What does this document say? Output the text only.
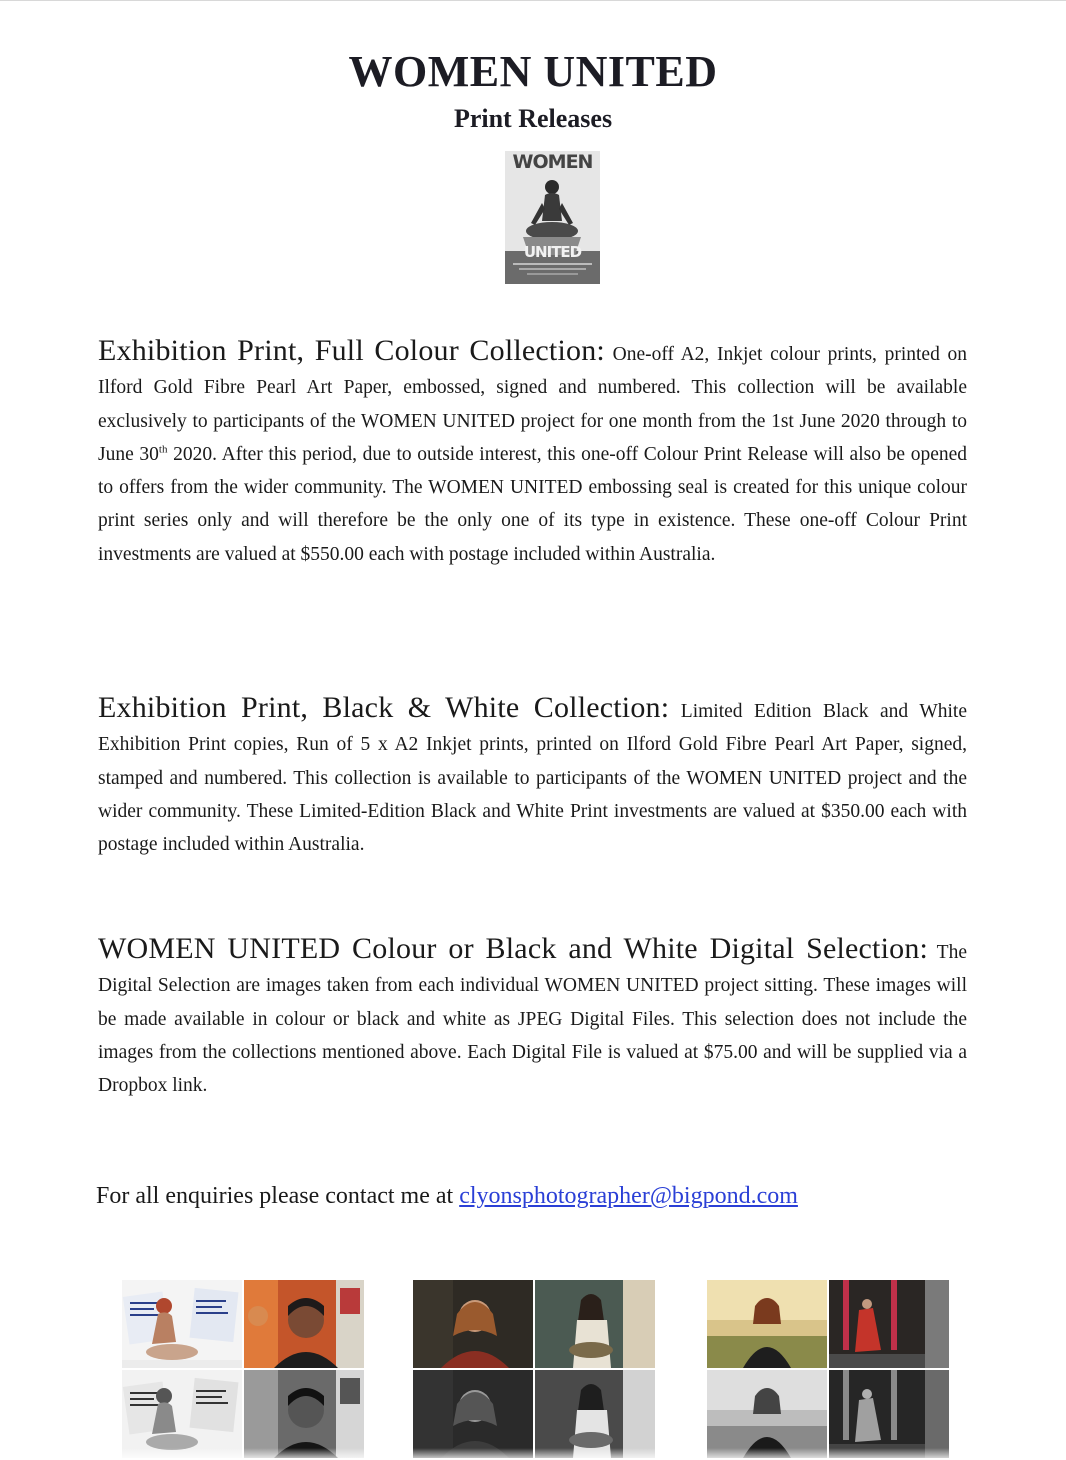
WOMEN UNITED
Print Releases
WOMEN
UNITED
Exhibition Print, Full Colour Collection: One-off A2, Inkjet colour prints, printed on Ilford Gold Fibre Pearl Art Paper, embossed, signed and numbered. This collection will be available exclusively to participants of the WOMEN UNITED project for one month from the 1st June 2020 through to June 30th 2020. After this period, due to outside interest, this one-off Colour Print Release will also be opened to offers from the wider community. The WOMEN UNITED embossing seal is created for this unique colour print series only and will therefore be the only one of its type in existence. These one-off Colour Print investments are valued at $550.00 each with postage included within Australia.
Exhibition Print, Black & White Collection: Limited Edition Black and White Exhibition Print copies, Run of 5 x A2 Inkjet prints, printed on Ilford Gold Fibre Pearl Art Paper, signed, stamped and numbered. This collection is available to participants of the WOMEN UNITED project and the wider community. These Limited-Edition Black and White Print investments are valued at $350.00 each with postage included within Australia.
WOMEN UNITED Colour or Black and White Digital Selection: The Digital Selection are images taken from each individual WOMEN UNITED project sitting. These images will be made available in colour or black and white as JPEG Digital Files. This selection does not include the images from the collections mentioned above. Each Digital File is valued at $75.00 and will be supplied via a Dropbox link.
For all enquiries please contact me at clyonsphotographer@bigpond.com
